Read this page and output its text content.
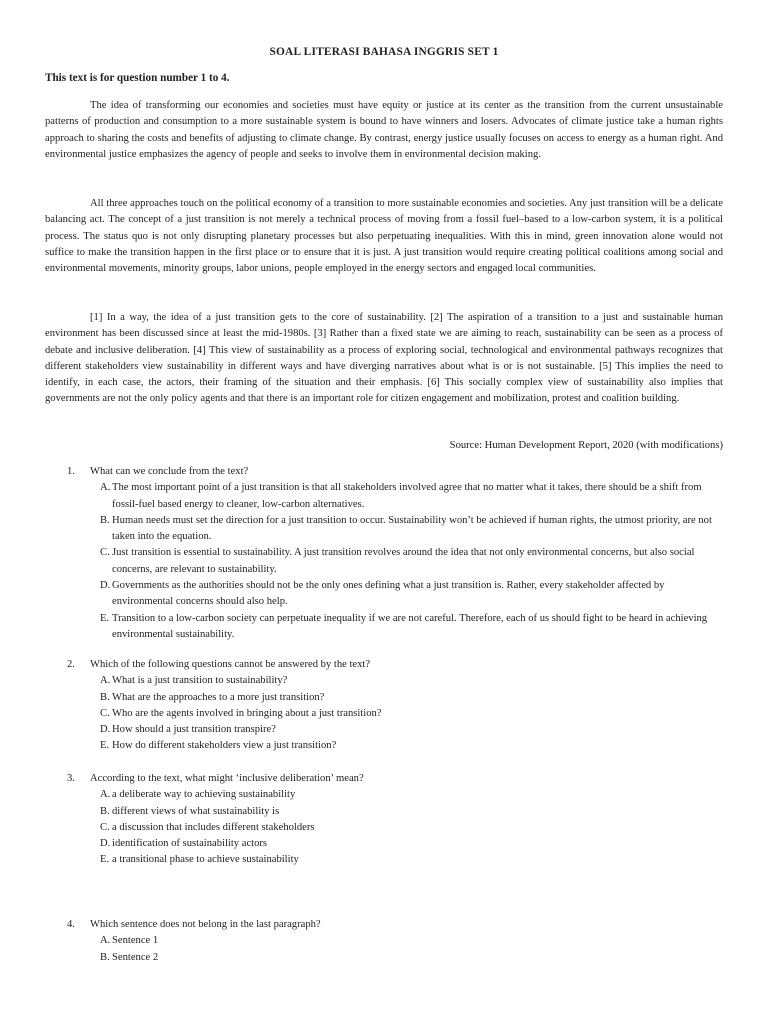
SOAL LITERASI BAHASA INGGRIS SET 1
This text is for question number 1 to 4.

The idea of transforming our economies and societies must have equity or justice at its center as the transition from the current unsustainable patterns of production and consumption to a more sustainable system is bound to have winners and losers. Advocates of climate justice take a human rights approach to sharing the costs and benefits of adjusting to climate change. By contrast, energy justice usually focuses on access to energy as a human right. And environmental justice emphasizes the agency of people and seeks to involve them in environmental decision making.

All three approaches touch on the political economy of a transition to more sustainable economies and societies. Any just transition will be a delicate balancing act. The concept of a just transition is not merely a technical process of moving from a fossil fuel–based to a low-carbon system, it is a political process. The status quo is not only disrupting planetary processes but also perpetuating inequalities. With this in mind, green innovation alone would not suffice to make the transition happen in the first place or to ensure that it is just. A just transition would require creating political coalitions among social and environmental movements, minority groups, labor unions, people employed in the energy sectors and engaged local communities.

[1] In a way, the idea of a just transition gets to the core of sustainability. [2] The aspiration of a transition to a just and sustainable human environment has been discussed since at least the mid-1980s. [3] Rather than a fixed state we are aiming to reach, sustainability can be seen as a process of debate and inclusive deliberation. [4] This view of sustainability as a process of exploring social, technological and environmental pathways recognizes that different stakeholders view sustainability in different ways and have diverging narratives about what is or is not sustainable. [5] This implies the need to identify, in each case, the actors, their framing of the situation and their emphasis. [6] This socially complex view of sustainability also implies that governments are not the only policy agents and that there is an important role for citizen engagement and mobilization, protest and coalition building.

Source: Human Development Report, 2020 (with modifications)
1. What can we conclude from the text?
A. The most important point of a just transition is that all stakeholders involved agree that no matter what it takes, there should be a shift from fossil-fuel based energy to cleaner, low-carbon alternatives.
B. Human needs must set the direction for a just transition to occur. Sustainability won’t be achieved if human rights, the utmost priority, are not taken into the equation.
C. Just transition is essential to sustainability. A just transition revolves around the idea that not only environmental concerns, but also social concerns, are relevant to sustainability.
D. Governments as the authorities should not be the only ones defining what a just transition is. Rather, every stakeholder affected by environmental concerns should also help.
E. Transition to a low-carbon society can perpetuate inequality if we are not careful. Therefore, each of us should fight to be heard in achieving environmental sustainability.
2. Which of the following questions cannot be answered by the text?
A. What is a just transition to sustainability?
B. What are the approaches to a more just transition?
C. Who are the agents involved in bringing about a just transition?
D. How should a just transition transpire?
E. How do different stakeholders view a just transition?
3. According to the text, what might ‘inclusive deliberation’ mean?
A. a deliberate way to achieving sustainability
B. different views of what sustainability is
C. a discussion that includes different stakeholders
D. identification of sustainability actors
E. a transitional phase to achieve sustainability
4. Which sentence does not belong in the last paragraph?
A. Sentence 1
B. Sentence 2
